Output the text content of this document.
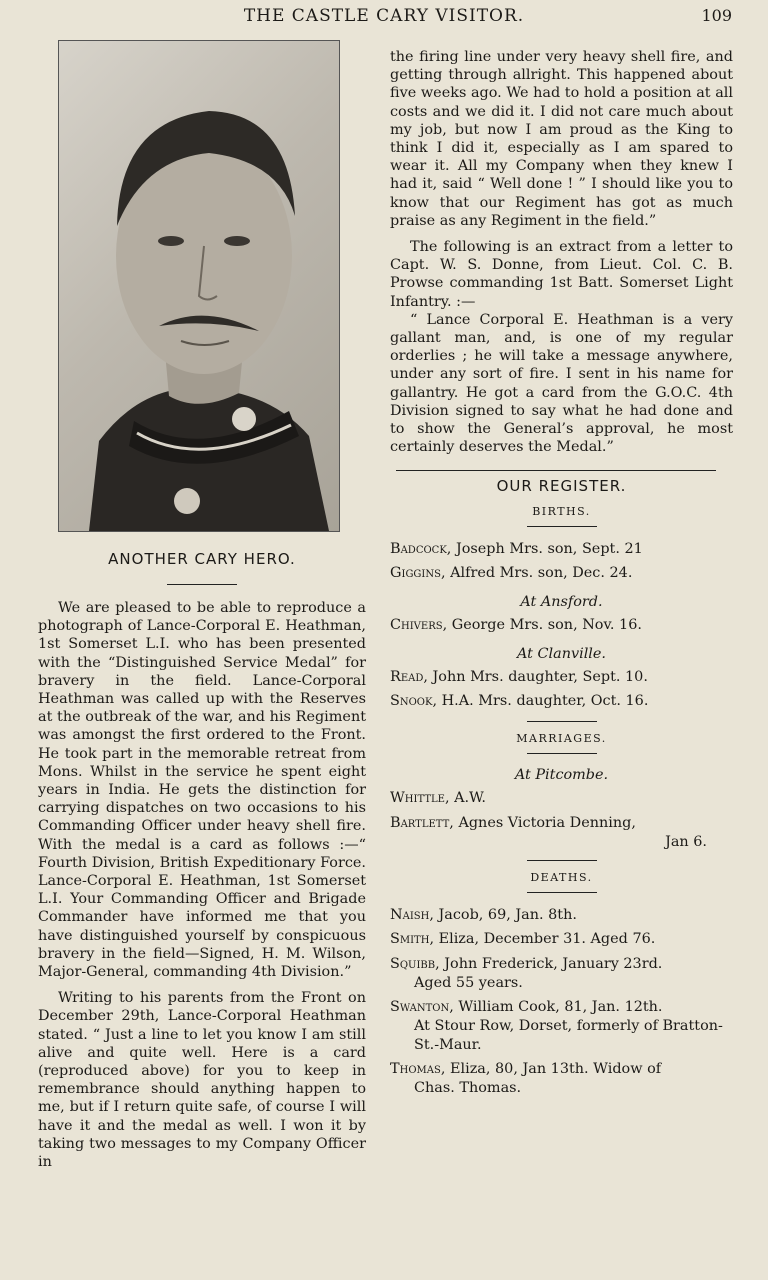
THE CASTLE CARY VISITOR.	109
ANOTHER CARY HERO.

We are pleased to be able to reproduce a photograph of Lance-Corporal E. Heathman, 1st Somerset L.I. who has been presented with the “Distinguished Service Medal” for bravery in the field. Lance-Corporal Heathman was called up with the Reserves at the outbreak of the war, and his Regiment was amongst the first ordered to the Front. He took part in the memorable retreat from Mons. Whilst in the service he spent eight years in India. He gets the distinction for carrying dispatches on two occasions to his Commanding Officer under heavy shell fire. With the medal is a card as follows :—“ Fourth Division, British Expeditionary Force. Lance-Corporal E. Heathman, 1st Somerset L.I. Your Commanding Officer and Brigade Commander have informed me that you have distinguished yourself by conspicuous bravery in the field—Signed, H. M. Wilson, Major-General, commanding 4th Division.”

Writing to his parents from the Front on December 29th, Lance-Corporal Heathman stated. “ Just a line to let you know I am still alive and quite well. Here is a card (reproduced above) for you to keep in remembrance should anything happen to me, but if I return quite safe, of course I will have it and the medal as well. I won it by taking two messages to my Company Officer in

the firing line under very heavy shell fire, and getting through allright. This happened about five weeks ago. We had to hold a position at all costs and we did it. I did not care much about my job, but now I am proud as the King to think I did it, especially as I am spared to wear it. All my Company when they knew I had it, said “ Well done ! ” I should like you to know that our Regiment has got as much praise as any Regiment in the field.”

The following is an extract from a letter to Capt. W. S. Donne, from Lieut. Col. C. B. Prowse commanding 1st Batt. Somerset Light Infantry. :—

“ Lance Corporal E. Heathman is a very gallant man, and, is one of my regular orderlies ; he will take a message anywhere, under any sort of fire. I sent in his name for gallantry. He got a card from the G.O.C. 4th Division signed to say what he had done and to show the General’s approval, he most certainly deserves the Medal.”

OUR REGISTER.
BIRTHS.
Badcock, Joseph Mrs. son, Sept. 21
Giggins, Alfred Mrs. son, Dec. 24.
At Ansford.
Chivers, George Mrs. son, Nov. 16.
At Clanville.
Read, John Mrs. daughter, Sept. 10.
Snook, H.A. Mrs. daughter, Oct. 16.
MARRIAGES.
At Pitcombe.
Whittle, A.W.
Bartlett, Agnes Victoria Denning,
Jan 6.
DEATHS.
Naish, Jacob, 69, Jan. 8th.
Smith, Eliza, December 31. Aged 76.
Squibb, John Frederick, January 23rd.
Aged 55 years.
Swanton, William Cook, 81, Jan. 12th.
At Stour Row, Dorset, formerly of Bratton-St.-Maur.
Thomas, Eliza, 80, Jan 13th. Widow of
Chas. Thomas.
